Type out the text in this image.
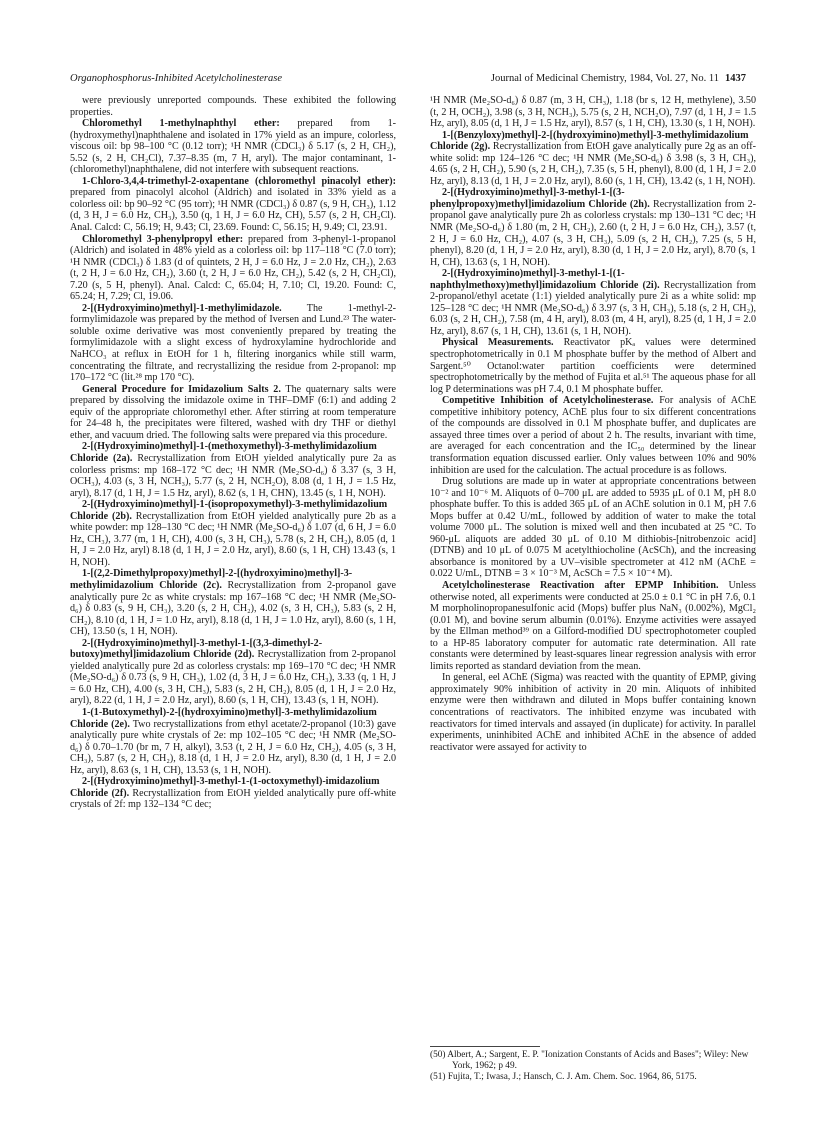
Organophosphorus-Inhibited Acetylcholinesterase	Journal of Medicinal Chemistry, 1984, Vol. 27, No. 11 1437

were previously unreported compounds. These exhibited the following properties.

Chloromethyl 1-methylnaphthyl ether: prepared from 1-(hydroxymethyl)naphthalene and isolated in 17% yield as an impure, colorless, viscous oil: bp 98–100 °C (0.12 torr); ¹H NMR (CDCl₃) δ 5.17 (s, 2 H, CH₂), 5.52 (s, 2 H, CH₂Cl), 7.37–8.35 (m, 7 H, aryl). The major contaminant, 1-(chloromethyl)naphthalene, did not interfere with subsequent reactions.

1-Chloro-3,4,4-trimethyl-2-oxapentane (chloromethyl pinacolyl ether): prepared from pinacolyl alcohol (Aldrich) and isolated in 33% yield as a colorless oil: bp 90–92 °C (95 torr); ¹H NMR (CDCl₃) δ 0.87 (s, 9 H, CH₃), 1.12 (d, 3 H, J = 6.0 Hz, CH₃), 3.50 (q, 1 H, J = 6.0 Hz, CH), 5.57 (s, 2 H, CH₂Cl). Anal. Calcd: C, 56.19; H, 9.43; Cl, 23.69. Found: C, 56.15; H, 9.49; Cl, 23.91.

Chloromethyl 3-phenylpropyl ether: prepared from 3-phenyl-1-propanol (Aldrich) and isolated in 48% yield as a colorless oil: bp 117–118 °C (7.0 torr); ¹H NMR (CDCl₃) δ 1.83 (d of quintets, 2 H, J = 6.0 Hz, J = 2.0 Hz, CH₂), 2.63 (t, 2 H, J = 6.0 Hz, CH₂), 3.60 (t, 2 H, J = 6.0 Hz, CH₂), 5.42 (s, 2 H, CH₂Cl), 7.20 (s, 5 H, phenyl). Anal. Calcd: C, 65.04; H, 7.10; Cl, 19.20. Found: C, 65.24; H, 7.29; Cl, 19.06.

2-[(Hydroxyimino)methyl]-1-methylimidazole. The 1-methyl-2-formylimidazole was prepared by the method of Iversen and Lund.²³ The water-soluble oxime derivative was most conveniently prepared by treating the formylimidazole with a slight excess of hydroxylamine hydrochloride and NaHCO₃ at reflux in EtOH for 1 h, filtering inorganics while still warm, concentrating the filtrate, and recrystallizing the residue from 2-propanol: mp 170–172 °C (lit.²⁸ mp 170 °C).

General Procedure for Imidazolium Salts 2. The quaternary salts were prepared by dissolving the imidazole oxime in THF–DMF (6:1) and adding 2 equiv of the appropriate chloromethyl ether. After stirring at room temperature for 24–48 h, the precipitates were filtered, washed with dry THF or diethyl ether, and vacuum dried. The following salts were prepared via this procedure.

2-[(Hydroxyimino)methyl]-1-(methoxymethyl)-3-methylimidazolium Chloride (2a). Recrystallization from EtOH yielded analytically pure 2a as colorless prisms: mp 168–172 °C dec; ¹H NMR (Me₂SO-d₆) δ 3.37 (s, 3 H, OCH₃), 4.03 (s, 3 H, NCH₃), 5.77 (s, 2 H, NCH₂O), 8.08 (d, 1 H, J = 1.5 Hz, aryl), 8.17 (d, 1 H, J = 1.5 Hz, aryl), 8.62 (s, 1 H, CHN), 13.45 (s, 1 H, NOH).

2-[(Hydroxyimino)methyl]-1-(isopropoxymethyl)-3-methylimidazolium Chloride (2b). Recrystallization from EtOH yielded analytically pure 2b as a white powder: mp 128–130 °C dec; ¹H NMR (Me₂SO-d₆) δ 1.07 (d, 6 H, J = 6.0 Hz, CH₃), 3.77 (m, 1 H, CH), 4.00 (s, 3 H, CH₃), 5.78 (s, 2 H, CH₂), 8.05 (d, 1 H, J = 2.0 Hz, aryl) 8.18 (d, 1 H, J = 2.0 Hz, aryl), 8.60 (s, 1 H, CH) 13.43 (s, 1 H, NOH).

1-[(2,2-Dimethylpropoxy)methyl]-2-[(hydroxyimino)methyl]-3-methylimidazolium Chloride (2c). Recrystallization from 2-propanol gave analytically pure 2c as white crystals: mp 167–168 °C dec; ¹H NMR (Me₂SO-d₆) δ 0.83 (s, 9 H, CH₃), 3.20 (s, 2 H, CH₂), 4.02 (s, 3 H, CH₃), 5.83 (s, 2 H, CH₂), 8.10 (d, 1 H, J = 1.0 Hz, aryl), 8.18 (d, 1 H, J = 1.0 Hz, aryl), 8.60 (s, 1 H, CH), 13.50 (s, 1 H, NOH).

2-[(Hydroxyimino)methyl]-3-methyl-1-[(3,3-dimethyl-2-butoxy)methyl]imidazolium Chloride (2d). Recrystallization from 2-propanol yielded analytically pure 2d as colorless crystals: mp 169–170 °C dec; ¹H NMR (Me₂SO-d₆) δ 0.73 (s, 9 H, CH₃), 1.02 (d, 3 H, J = 6.0 Hz, CH₃), 3.33 (q, 1 H, J = 6.0 Hz, CH), 4.00 (s, 3 H, CH₃), 5.83 (s, 2 H, CH₂), 8.05 (d, 1 H, J = 2.0 Hz, aryl), 8.22 (d, 1 H, J = 2.0 Hz, aryl), 8.60 (s, 1 H, CH), 13.43 (s, 1 H, NOH).

1-(1-Butoxymethyl)-2-[(hydroxyimino)methyl]-3-methylimidazolium Chloride (2e). Two recrystallizations from ethyl acetate/2-propanol (10:3) gave analytically pure white crystals of 2e: mp 102–105 °C dec; ¹H NMR (Me₂SO-d₆) δ 0.70–1.70 (br m, 7 H, alkyl), 3.53 (t, 2 H, J = 6.0 Hz, CH₂), 4.05 (s, 3 H, CH₃), 5.87 (s, 2 H, CH₂), 8.18 (d, 1 H, J = 2.0 Hz, aryl), 8.30 (d, 1 H, J = 2.0 Hz, aryl), 8.63 (s, 1 H, CH), 13.53 (s, 1 H, NOH).

2-[(Hydroxyimino)methyl]-3-methyl-1-(1-octoxymethyl)-imidazolium Chloride (2f). Recrystallization from EtOH yielded analytically pure off-white crystals of 2f: mp 132–134 °C dec;

¹H NMR (Me₂SO-d₆) δ 0.87 (m, 3 H, CH₃), 1.18 (br s, 12 H, methylene), 3.50 (t, 2 H, OCH₂), 3.98 (s, 3 H, NCH₃), 5.75 (s, 2 H, NCH₂O), 7.97 (d, 1 H, J = 1.5 Hz, aryl), 8.05 (d, 1 H, J = 1.5 Hz, aryl), 8.57 (s, 1 H, CH), 13.30 (s, 1 H, NOH).

1-[(Benzyloxy)methyl]-2-[(hydroxyimino)methyl]-3-methylimidazolium Chloride (2g). Recrystallization from EtOH gave analytically pure 2g as an off-white solid: mp 124–126 °C dec; ¹H NMR (Me₂SO-d₆) δ 3.98 (s, 3 H, CH₃), 4.65 (s, 2 H, CH₂), 5.90 (s, 2 H, CH₂), 7.35 (s, 5 H, phenyl), 8.00 (d, 1 H, J = 2.0 Hz, aryl), 8.13 (d, 1 H, J = 2.0 Hz, aryl), 8.60 (s, 1 H, CH), 13.42 (s, 1 H, NOH).

2-[(Hydroxyimino)methyl]-3-methyl-1-[(3-phenylpropoxy)methyl]imidazolium Chloride (2h). Recrystallization from 2-propanol gave analytically pure 2h as colorless crystals: mp 130–131 °C dec; ¹H NMR (Me₂SO-d₆) δ 1.80 (m, 2 H, CH₂), 2.60 (t, 2 H, J = 6.0 Hz, CH₂), 3.57 (t, 2 H, J = 6.0 Hz, CH₂), 4.07 (s, 3 H, CH₃), 5.09 (s, 2 H, CH₂), 7.25 (s, 5 H, phenyl), 8.20 (d, 1 H, J = 2.0 Hz, aryl), 8.30 (d, 1 H, J = 2.0 Hz, aryl), 8.70 (s, 1 H, CH), 13.63 (s, 1 H, NOH).

2-[(Hydroxyimino)methyl]-3-methyl-1-[(1-naphthylmethoxy)methyl]imidazolium Chloride (2i). Recrystallization from 2-propanol/ethyl acetate (1:1) yielded analytically pure 2i as a white solid: mp 125–128 °C dec; ¹H NMR (Me₂SO-d₆) δ 3.97 (s, 3 H, CH₃), 5.18 (s, 2 H, CH₂), 6.03 (s, 2 H, CH₂), 7.58 (m, 4 H, aryl), 8.03 (m, 4 H, aryl), 8.25 (d, 1 H, J = 2.0 Hz, aryl), 8.67 (s, 1 H, CH), 13.61 (s, 1 H, NOH).

Physical Measurements. Reactivator pKₐ values were determined spectrophotometrically in 0.1 M phosphate buffer by the method of Albert and Sargent.⁵⁰ Octanol:water partition coefficients were determined spectrophotometrically by the method of Fujita et al.⁵¹ The aqueous phase for all log P determinations was pH 7.4, 0.1 M phosphate buffer.

Competitive Inhibition of Acetylcholinesterase. For analysis of AChE competitive inhibitory potency, AChE plus four to six different concentrations of the compounds are dissolved in 0.1 M phosphate buffer, and duplicates are assayed three times over a period of about 2 h. The results, invariant with time, are averaged for each concentration and the IC₅₀ determined by the linear transformation equation discussed earlier. Only values between 10% and 90% inhibition are used for the calculation. The actual procedure is as follows.

Drug solutions are made up in water at appropriate concentrations between 10⁻² and 10⁻⁶ M. Aliquots of 0–700 μL are added to 5935 μL of 0.1 M, pH 8.0 phosphate buffer. To this is added 365 μL of an AChE solution in 0.1 M, pH 7.6 Mops buffer at 0.42 U/mL, followed by addition of water to make the total volume 7000 μL. The solution is mixed well and then incubated at 25 °C. To 960-μL aliquots are added 30 μL of 0.10 M dithiobis-[nitrobenzoic acid] (DTNB) and 10 μL of 0.075 M acetylthiocholine (AcSCh), and the increasing absorbance is monitored by a UV–visible spectrometer at 412 nM (AChE = 0.022 U/mL, DTNB = 3 × 10⁻³ M, AcSCh = 7.5 × 10⁻⁴ M).

Acetylcholinesterase Reactivation after EPMP Inhibition. Unless otherwise noted, all experiments were conducted at 25.0 ± 0.1 °C in pH 7.6, 0.1 M morpholinopropanesulfonic acid (Mops) buffer plus NaN₃ (0.002%), MgCl₂ (0.01 M), and bovine serum albumin (0.01%). Enzyme activities were assayed by the Ellman method³⁹ on a Gilford-modified DU spectrophotometer coupled to a HP-85 laboratory computer for automatic rate determination. All rate constants were determined by least-squares linear regression analysis with error limits reported as standard deviation from the mean.

In general, eel AChE (Sigma) was reacted with the quantity of EPMP, giving approximately 90% inhibition of activity in 20 min. Aliquots of inhibited enzyme were then withdrawn and diluted in Mops buffer containing known concentrations of reactivators. The inhibited enzyme was incubated with reactivators for timed intervals and assayed (in duplicate) for activity. In parallel experiments, uninhibited AChE and inhibited AChE in the absence of added reactivator were assayed for activity to

(50) Albert, A.; Sargent, E. P. "Ionization Constants of Acids and Bases"; Wiley: New York, 1962; p 49.

(51) Fujita, T.; Iwasa, J.; Hansch, C. J. Am. Chem. Soc. 1964, 86, 5175.
